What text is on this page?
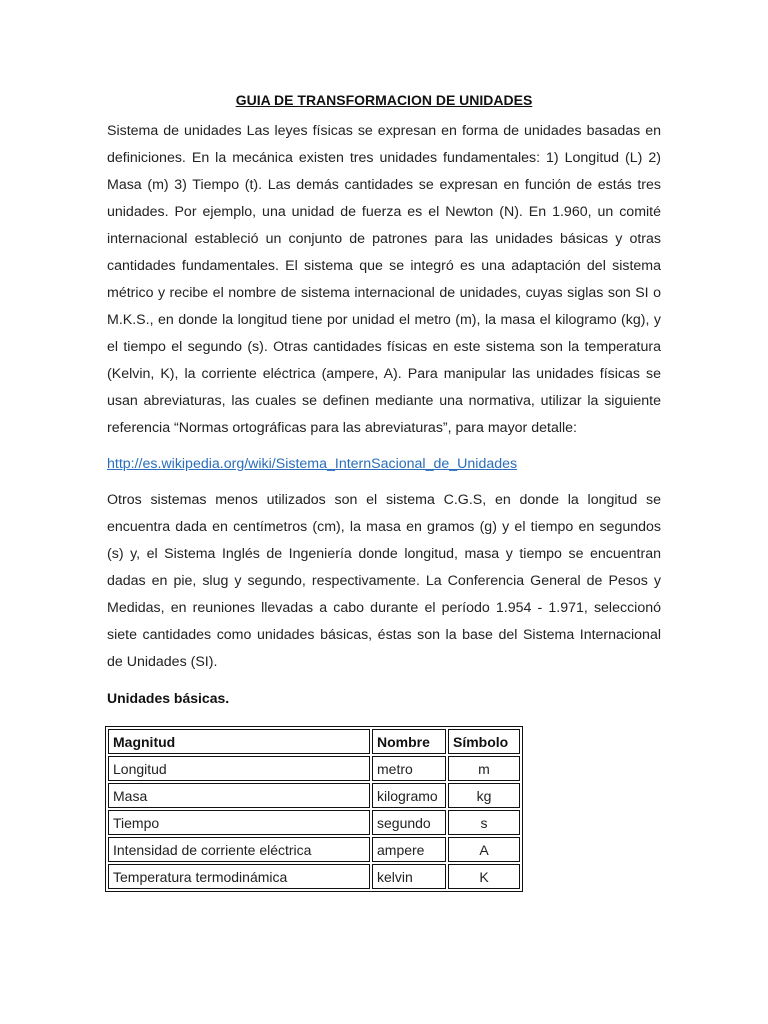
GUIA DE TRANSFORMACION DE UNIDADES

Sistema de unidades Las leyes físicas se expresan en forma de unidades basadas en definiciones. En la mecánica existen tres unidades fundamentales: 1) Longitud (L) 2) Masa (m) 3) Tiempo (t). Las demás cantidades se expresan en función de estás tres unidades. Por ejemplo, una unidad de fuerza es el Newton (N). En 1.960, un comité internacional estableció un conjunto de patrones para las unidades básicas y otras cantidades fundamentales. El sistema que se integró es una adaptación del sistema métrico y recibe el nombre de sistema internacional de unidades, cuyas siglas son SI o M.K.S., en donde la longitud tiene por unidad el metro (m), la masa el kilogramo (kg), y el tiempo el segundo (s). Otras cantidades físicas en este sistema son la temperatura (Kelvin, K), la corriente eléctrica (ampere, A). Para manipular las unidades físicas se usan abreviaturas, las cuales se definen mediante una normativa, utilizar la siguiente referencia “Normas ortográficas para las abreviaturas”, para mayor detalle:

http://es.wikipedia.org/wiki/Sistema_InternSacional_de_Unidades

Otros sistemas menos utilizados son el sistema C.G.S, en donde la longitud se encuentra dada en centímetros (cm), la masa en gramos (g) y el tiempo en segundos (s) y, el Sistema Inglés de Ingeniería donde longitud, masa y tiempo se encuentran dadas en pie, slug y segundo, respectivamente. La Conferencia General de Pesos y Medidas, en reuniones llevadas a cabo durante el período 1.954 - 1.971, seleccionó siete cantidades como unidades básicas, éstas son la base del Sistema Internacional de Unidades (SI).

Unidades básicas.
Magnitud	Nombre	Símbolo
Longitud	metro	m
Masa	kilogramo	kg
Tiempo	segundo	s
Intensidad de corriente eléctrica	ampere	A
Temperatura termodinámica	kelvin	K
